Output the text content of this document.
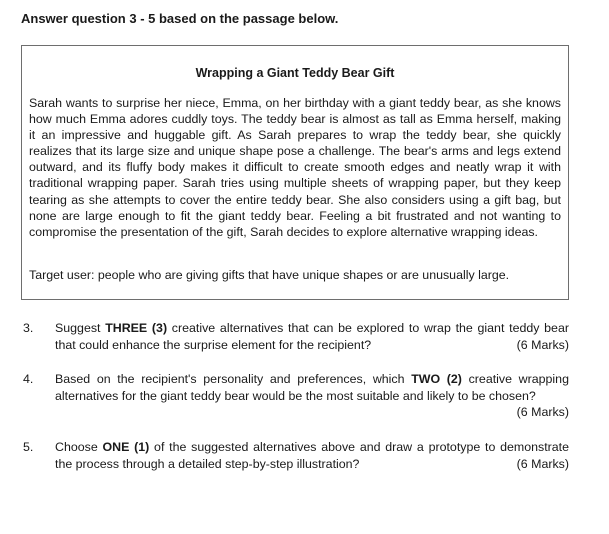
Answer question 3 - 5 based on the passage below.
Wrapping a Giant Teddy Bear Gift
Sarah wants to surprise her niece, Emma, on her birthday with a giant teddy bear, as she knows how much Emma adores cuddly toys. The teddy bear is almost as tall as Emma herself, making it an impressive and huggable gift. As Sarah prepares to wrap the teddy bear, she quickly realizes that its large size and unique shape pose a challenge. The bear's arms and legs extend outward, and its fluffy body makes it difficult to create smooth edges and neatly wrap it with traditional wrapping paper. Sarah tries using multiple sheets of wrapping paper, but they keep tearing as she attempts to cover the entire teddy bear. She also considers using a gift bag, but none are large enough to fit the giant teddy bear. Feeling a bit frustrated and not wanting to compromise the presentation of the gift, Sarah decides to explore alternative wrapping ideas.
Target user: people who are giving gifts that have unique shapes or are unusually large.
3. Suggest THREE (3) creative alternatives that can be explored to wrap the giant teddy bear that could enhance the surprise element for the recipient?	(6 Marks)
4. Based on the recipient's personality and preferences, which TWO (2) creative wrapping alternatives for the giant teddy bear would be the most suitable and likely to be chosen?
(6 Marks)
5. Choose ONE (1) of the suggested alternatives above and draw a prototype to demonstrate the process through a detailed step-by-step illustration?	(6 Marks)
